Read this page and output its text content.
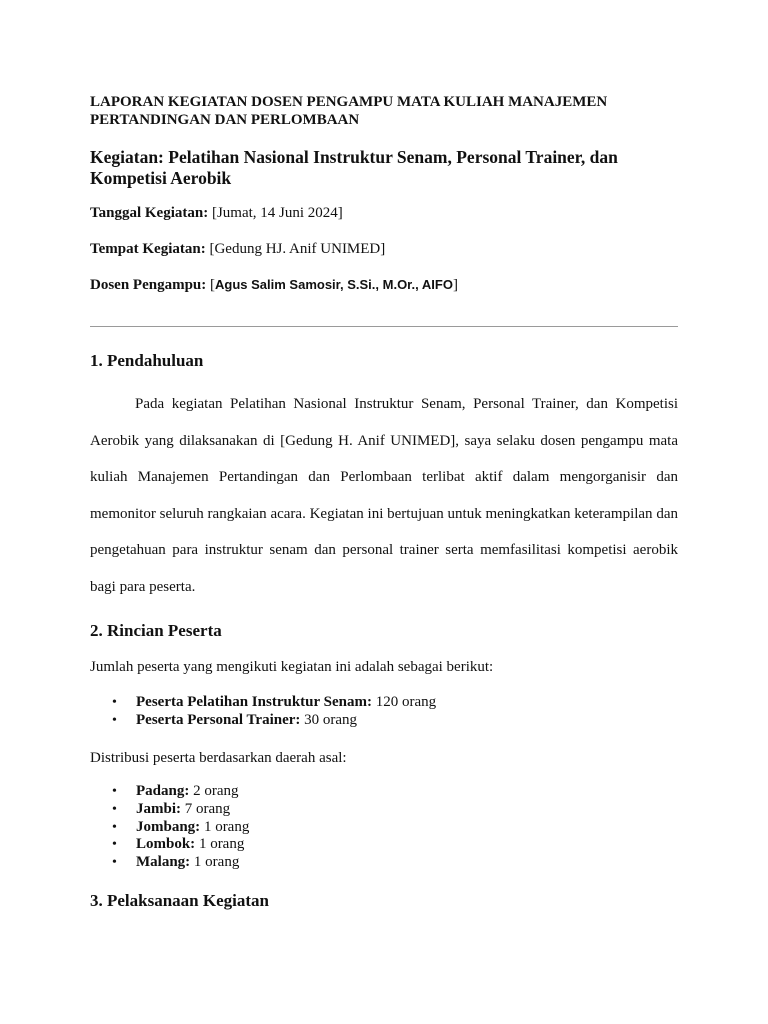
LAPORAN KEGIATAN DOSEN PENGAMPU MATA KULIAH MANAJEMEN PERTANDINGAN DAN PERLOMBAAN
Kegiatan: Pelatihan Nasional Instruktur Senam, Personal Trainer, dan Kompetisi Aerobik

Tanggal Kegiatan: [Jumat, 14 Juni 2024]

Tempat Kegiatan: [Gedung HJ. Anif UNIMED]

Dosen Pengampu: [Agus Salim Samosir, S.Si., M.Or., AIFO]

1. Pendahuluan

Pada kegiatan Pelatihan Nasional Instruktur Senam, Personal Trainer, dan Kompetisi Aerobik yang dilaksanakan di [Gedung H. Anif UNIMED], saya selaku dosen pengampu mata kuliah Manajemen Pertandingan dan Perlombaan terlibat aktif dalam mengorganisir dan memonitor seluruh rangkaian acara. Kegiatan ini bertujuan untuk meningkatkan keterampilan dan pengetahuan para instruktur senam dan personal trainer serta memfasilitasi kompetisi aerobik bagi para peserta.

2. Rincian Peserta

Jumlah peserta yang mengikuti kegiatan ini adalah sebagai berikut:

• Peserta Pelatihan Instruktur Senam: 120 orang
• Peserta Personal Trainer: 30 orang

Distribusi peserta berdasarkan daerah asal:

• Padang: 2 orang
• Jambi: 7 orang
• Jombang: 1 orang
• Lombok: 1 orang
• Malang: 1 orang
3. Pelaksanaan Kegiatan
